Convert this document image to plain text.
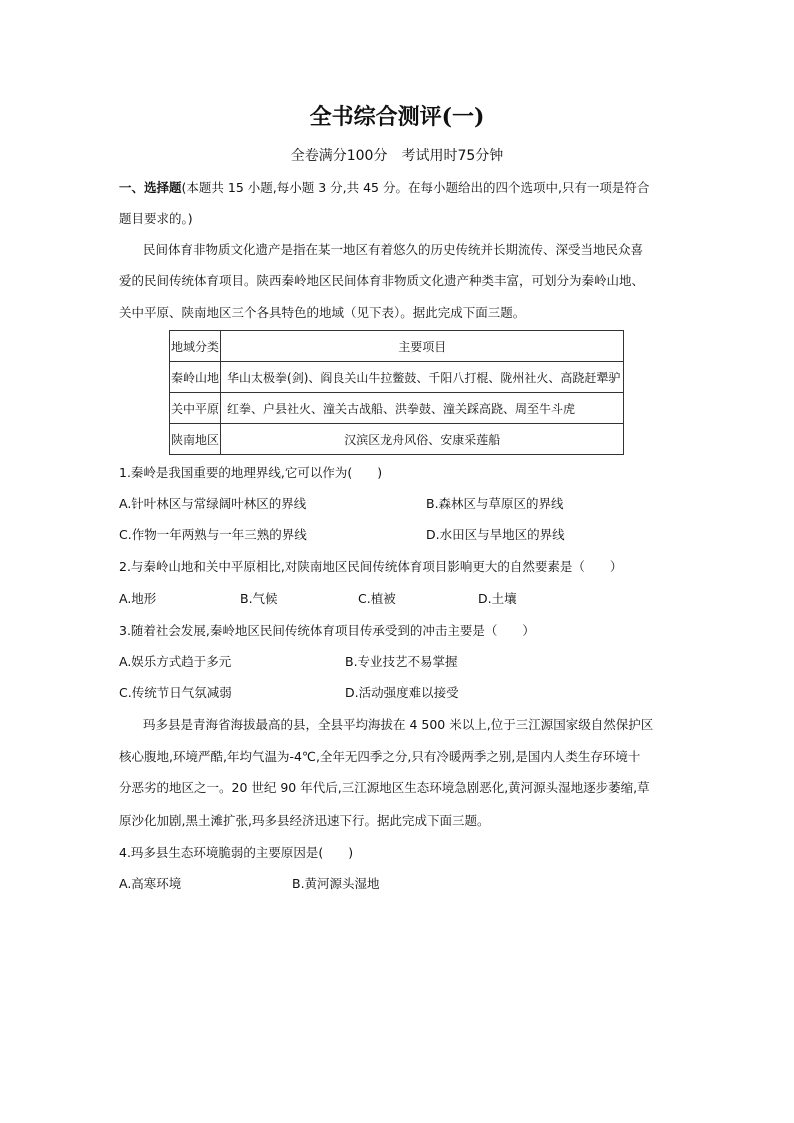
全书综合测评(一)
全卷满分100分　考试用时75分钟
一、选择题(本题共 15 小题,每小题 3 分,共 45 分。在每小题给出的四个选项中,只有一项是符合
题目要求的。)
民间体育非物质文化遗产是指在某一地区有着悠久的历史传统并长期流传、深受当地民众喜
爱的民间传统体育项目。陕西秦岭地区民间体育非物质文化遗产种类丰富，可划分为秦岭山地、
关中平原、陕南地区三个各具特色的地域（见下表）。据此完成下面三题。
地域分类	主要项目
秦岭山地	华山太极拳(剑)、阎良关山牛拉鳖鼓、千阳八打棍、陇州社火、高跷赶犟驴
关中平原	红拳、户县社火、潼关古战船、洪拳鼓、潼关踩高跷、周至牛斗虎
陕南地区	汉滨区龙舟风俗、安康采莲船
1.秦岭是我国重要的地理界线,它可以作为(　　)
A.针叶林区与常绿阔叶林区的界线	B.森林区与草原区的界线
C.作物一年两熟与一年三熟的界线	D.水田区与旱地区的界线
2.与秦岭山地和关中平原相比,对陕南地区民间传统体育项目影响更大的自然要素是（　　）
A.地形	B.气候	C.植被	D.土壤
3.随着社会发展,秦岭地区民间传统体育项目传承受到的冲击主要是（　　）
A.娱乐方式趋于多元	B.专业技艺不易掌握
C.传统节日气氛减弱	D.活动强度难以接受
玛多县是青海省海拔最高的县，全县平均海拔在 4 500 米以上,位于三江源国家级自然保护区
核心腹地,环境严酷,年均气温为-4℃,全年无四季之分,只有冷暖两季之别,是国内人类生存环境十
分恶劣的地区之一。20 世纪 90 年代后,三江源地区生态环境急剧恶化,黄河源头湿地逐步萎缩,草
原沙化加剧,黑土滩扩张,玛多县经济迅速下行。据此完成下面三题。
4.玛多县生态环境脆弱的主要原因是(　　)
A.高寒环境	B.黄河源头湿地
